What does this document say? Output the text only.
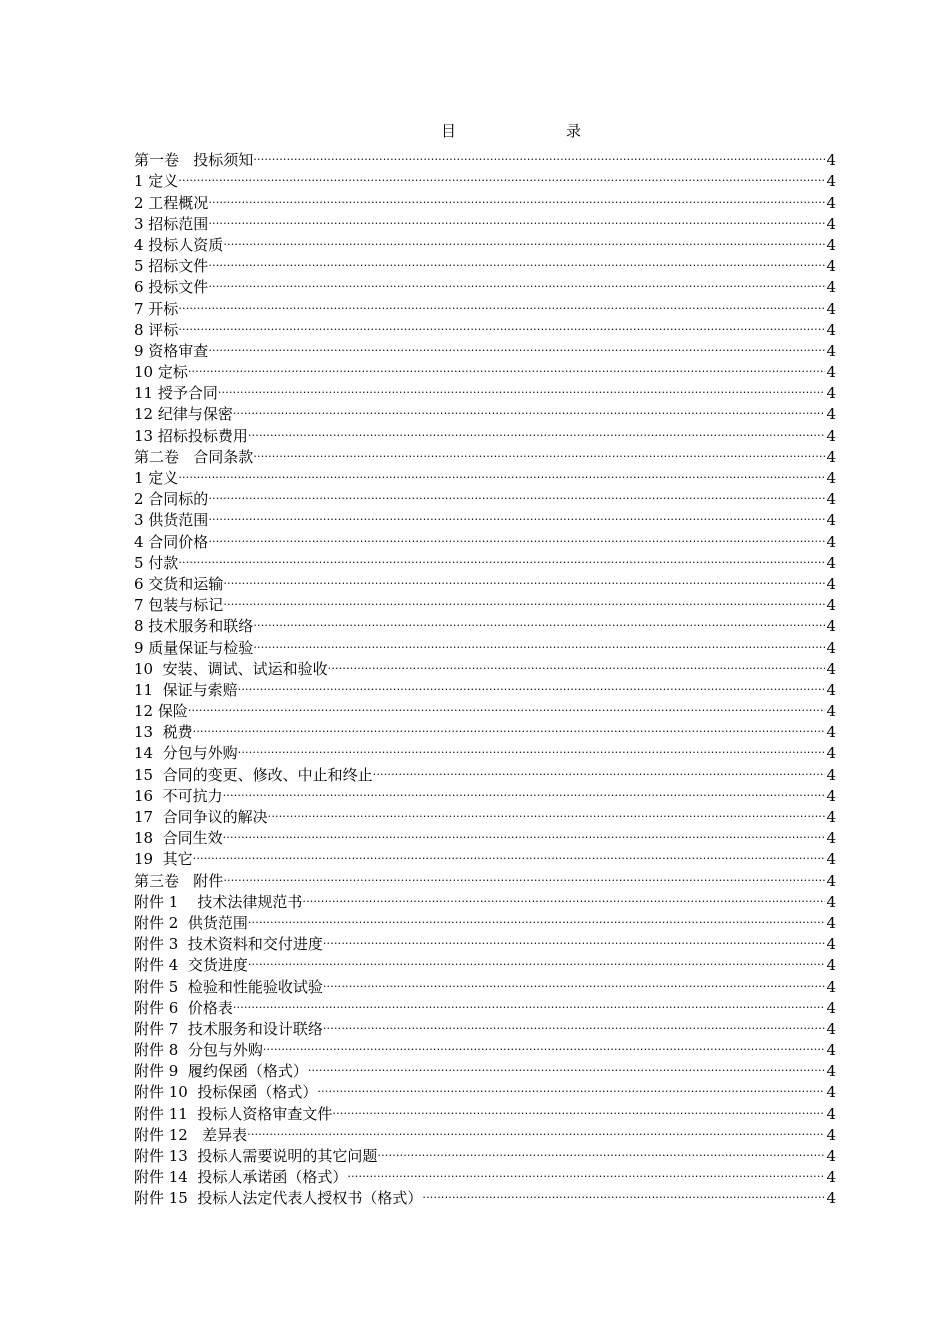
目	录
第一卷   投标须知 .....	4
1 定义 .....	4
2 工程概况 .....	4
3 招标范围 .....	4
4 投标人资质 .....	4
5 招标文件 .....	4
6 投标文件 .....	4
7 开标 .....	4
8 评标 .....	4
9 资格审查 .....	4
10 定标 .....	4
11 授予合同 .....	4
12 纪律与保密 .....	4
13 招标投标费用 .....	4
第二卷   合同条款 .....	4
1 定义 .....	4
2 合同标的 .....	4
3 供货范围 .....	4
4 合同价格 .....	4
5 付款 .....	4
6 交货和运输 .....	4
7 包装与标记 .....	4
8 技术服务和联络 .....	4
9 质量保证与检验 .....	4
10  安装、调试、试运和验收 .....	4
11  保证与索赔 .....	4
12 保险 .....	4
13  税费 .....	4
14  分包与外购 .....	4
15  合同的变更、修改、中止和终止 .....	4
16  不可抗力 .....	4
17  合同争议的解决 .....	4
18  合同生效 .....	4
19  其它 .....	4
第三卷   附件 .....	4
附件 1    技术法律规范书 .....	4
附件 2  供货范围 .....	4
附件 3  技术资料和交付进度 .....	4
附件 4  交货进度 .....	4
附件 5  检验和性能验收试验 .....	4
附件 6  价格表 .....	4
附件 7  技术服务和设计联络 .....	4
附件 8  分包与外购 .....	4
附件 9  履约保函（格式） .....	4
附件 10  投标保函（格式） .....	4
附件 11  投标人资格审查文件 .....	4
附件 12   差异表 .....	4
附件 13  投标人需要说明的其它问题 .....	4
附件 14  投标人承诺函（格式） .....	4
附件 15  投标人法定代表人授权书（格式） .....	4
